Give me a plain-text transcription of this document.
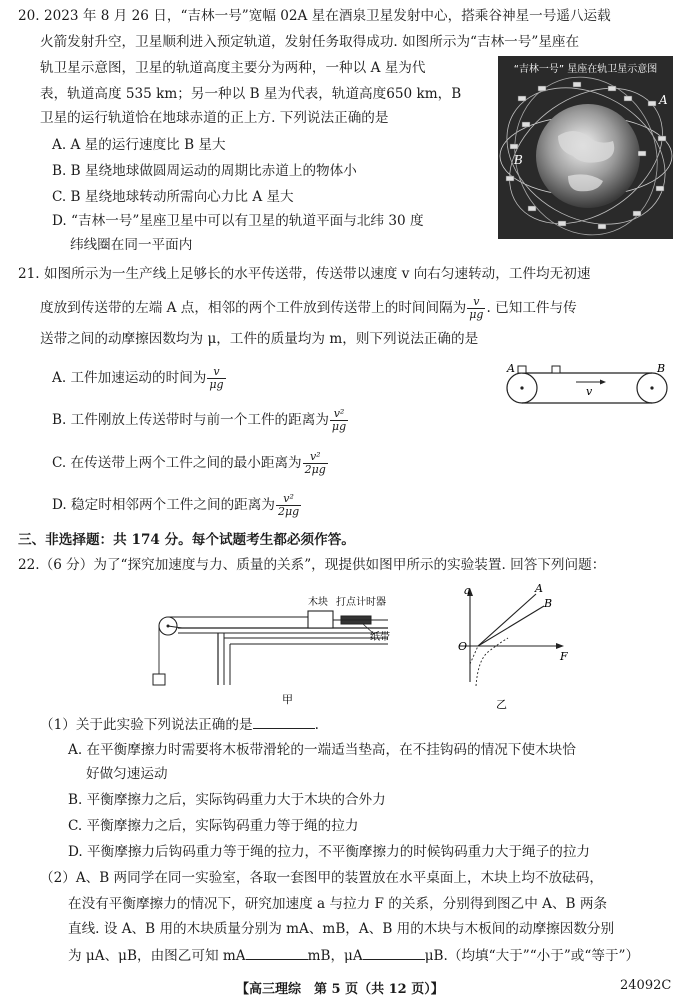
20. 2023 年 8 月 26 日，“吉林一号”宽幅 02A 星在酒泉卫星发射中心，搭乘谷神星一号遥八运载
火箭发射升空，卫星顺利进入预定轨道，发射任务取得成功. 如图所示为“吉林一号”星座在
轨卫星示意图，卫星的轨道高度主要分为两种，一种以 A 星为代
表，轨道高度 535 km；另一种以 B 星为代表，轨道高度650 km，B
卫星的运行轨道恰在地球赤道的正上方. 下列说法正确的是
A. A 星的运行速度比 B 星大
B. B 星绕地球做圆周运动的周期比赤道上的物体小
C. B 星绕地球转动所需向心力比 A 星大
D. “吉林一号”星座卫星中可以有卫星的轨道平面与北纬 30 度
纬线圈在同一平面内
A
B
“吉林一号” 星座在轨卫星示意图
21. 如图所示为一生产线上足够长的水平传送带，传送带以速度 v 向右匀速转动，工件均无初速
度放到传送带的左端 A 点，相邻的两个工件放到传送带上的时间间隔为 $\frac{v}{\mu g}$ . 已知工件与传
送带之间的动摩擦因数均为 μ，工件的质量均为 m，则下列说法正确的是
A. 工件加速运动的时间为 $\frac{v}{\mu g}$
B. 工件刚放上传送带时与前一个工件的距离为 $\frac{\text{v²}}{\mu g}$
C. 在传送带上两个工件之间的最小距离为 $\frac{\text{v²}}{2\mu g}$
D. 稳定时相邻两个工件之间的距离为 $\frac{\text{v²}}{2\mu g}$
v
A	B
三、非选择题：共 174 分。每个试题考生都必须作答。
22.（6 分）为了“探究加速度与力、质量的关系”，现提供如图甲所示的实验装置. 回答下列问题：
木块 打点计时器
纸带
甲
a
F
O
A
B
乙
（1）关于此实验下列说法正确的是	.
A. 在平衡摩擦力时需要将木板带滑轮的一端适当垫高，在不挂钩码的情况下使木块恰
好做匀速运动
B. 平衡摩擦力之后，实际钩码重力大于木块的合外力
C. 平衡摩擦力之后，实际钩码重力等于绳的拉力
D. 平衡摩擦力后钩码重力等于绳的拉力，不平衡摩擦力的时候钩码重力大于绳子的拉力
（2）A、B 两同学在同一实验室，各取一套图甲的装置放在水平桌面上，木块上均不放砝码，
在没有平衡摩擦力的情况下，研究加速度 a 与拉力 F 的关系，分别得到图乙中 A、B 两条
直线. 设 A、B 用的木块质量分别为 mA、mB，A、B 用的木块与木板间的动摩擦因数分别
为 μA、μB，由图乙可知 mA	mB，μA	μB.（均填“大于”“小于”或“等于”）
【高三理综　第 5 页（共 12 页）】	24092C
